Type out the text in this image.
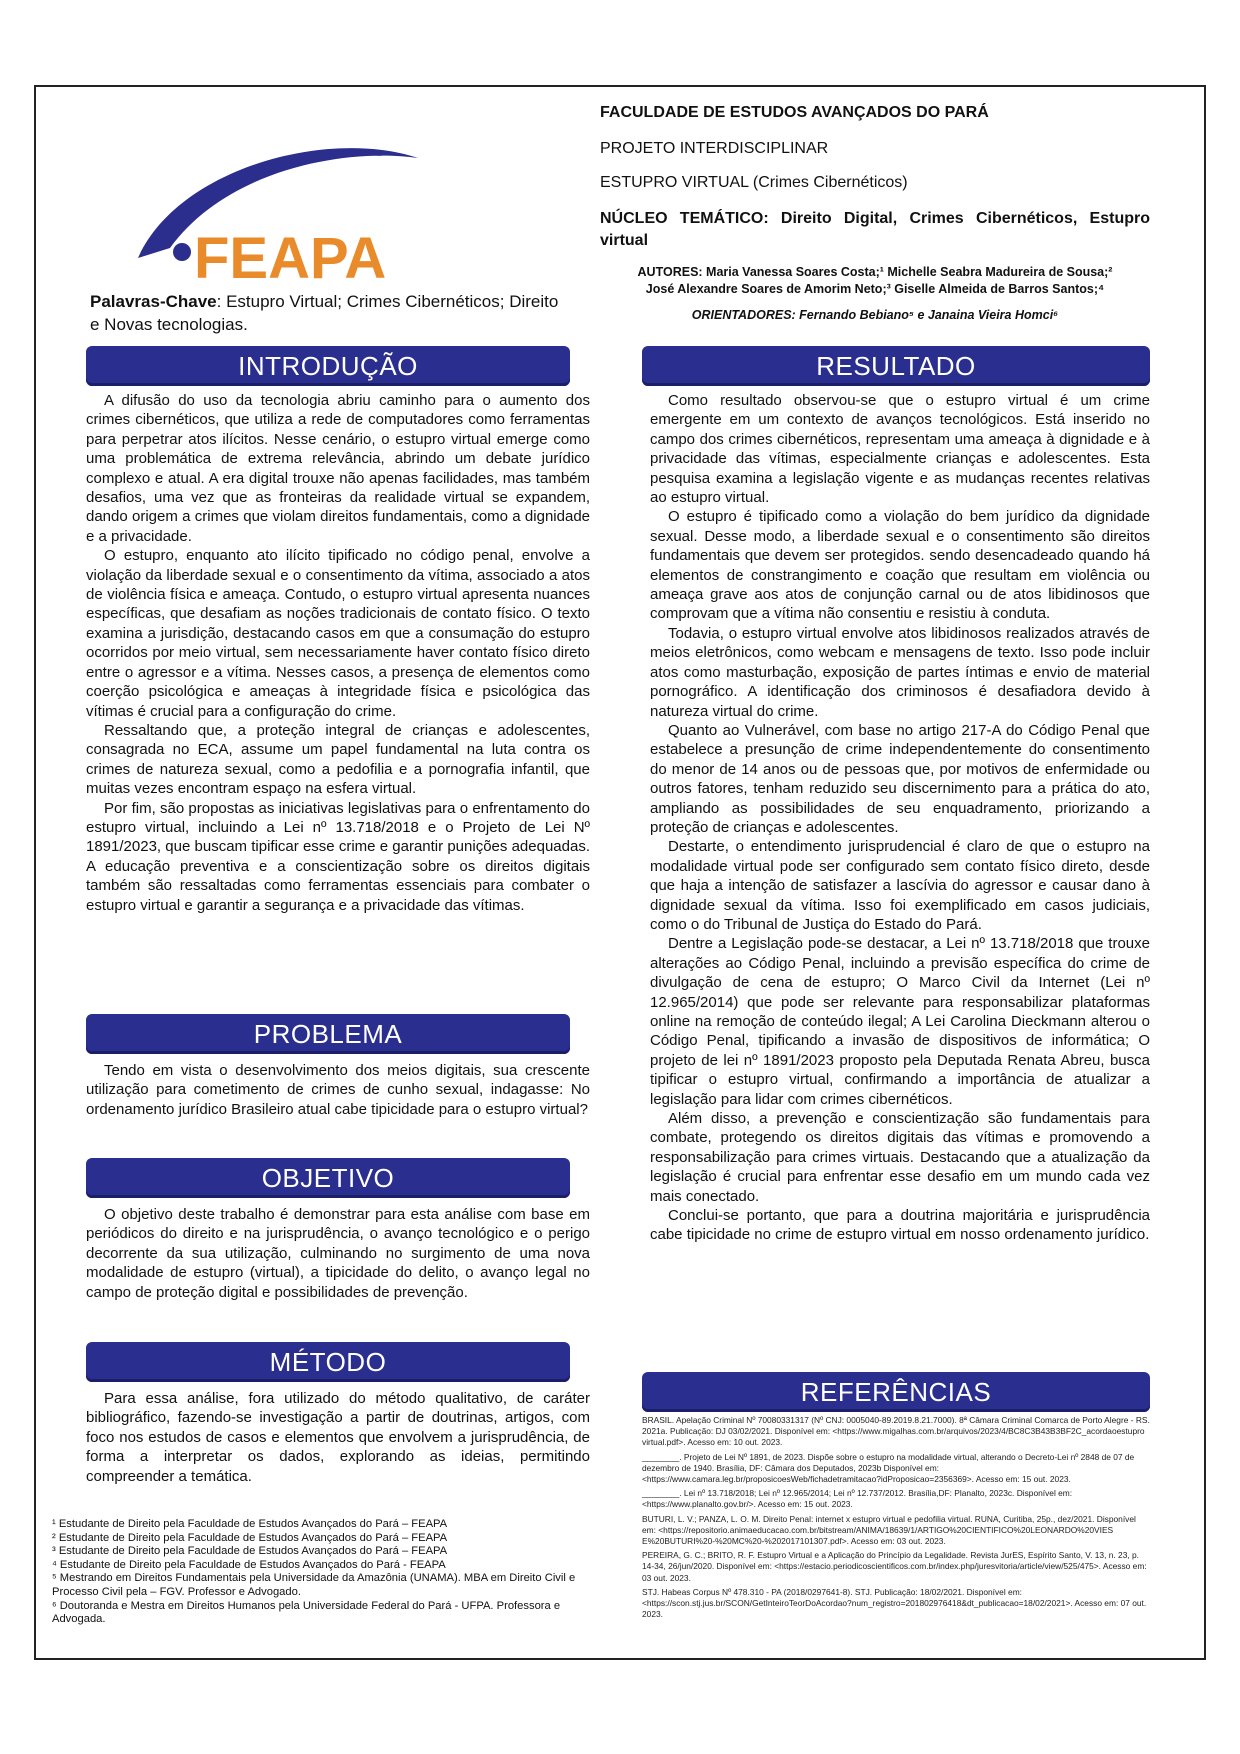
FEAPA
Palavras-Chave: Estupro Virtual; Crimes Cibernéticos; Direito e Novas tecnologias.
FACULDADE DE ESTUDOS AVANÇADOS DO PARÁ
PROJETO INTERDISCIPLINAR
ESTUPRO VIRTUAL (Crimes Cibernéticos)
NÚCLEO TEMÁTICO: Direito Digital, Crimes Cibernéticos, Estupro virtual
AUTORES: Maria Vanessa Soares Costa;¹ Michelle Seabra Madureira de Sousa;²
José Alexandre Soares de Amorim Neto;³ Giselle Almeida de Barros Santos;⁴
ORIENTADORES: Fernando Bebiano⁵ e Janaina Vieira Homci⁶
INTRODUÇÃO

A difusão do uso da tecnologia abriu caminho para o aumento dos crimes cibernéticos, que utiliza a rede de computadores como ferramentas para perpetrar atos ilícitos. Nesse cenário, o estupro virtual emerge como uma problemática de extrema relevância, abrindo um debate jurídico complexo e atual. A era digital trouxe não apenas facilidades, mas também desafios, uma vez que as fronteiras da realidade virtual se expandem, dando origem a crimes que violam direitos fundamentais, como a dignidade e a privacidade.

O estupro, enquanto ato ilícito tipificado no código penal, envolve a violação da liberdade sexual e o consentimento da vítima, associado a atos de violência física e ameaça. Contudo, o estupro virtual apresenta nuances específicas, que desafiam as noções tradicionais de contato físico. O texto examina a jurisdição, destacando casos em que a consumação do estupro ocorridos por meio virtual, sem necessariamente haver contato físico direto entre o agressor e a vítima. Nesses casos, a presença de elementos como coerção psicológica e ameaças à integridade física e psicológica das vítimas é crucial para a configuração do crime.

Ressaltando que, a proteção integral de crianças e adolescentes, consagrada no ECA, assume um papel fundamental na luta contra os crimes de natureza sexual, como a pedofilia e a pornografia infantil, que muitas vezes encontram espaço na esfera virtual.

Por fim, são propostas as iniciativas legislativas para o enfrentamento do estupro virtual, incluindo a Lei nº 13.718/2018 e o Projeto de Lei Nº 1891/2023, que buscam tipificar esse crime e garantir punições adequadas. A educação preventiva e a conscientização sobre os direitos digitais também são ressaltadas como ferramentas essenciais para combater o estupro virtual e garantir a segurança e a privacidade das vítimas.

PROBLEMA

Tendo em vista o desenvolvimento dos meios digitais, sua crescente utilização para cometimento de crimes de cunho sexual, indagasse: No ordenamento jurídico Brasileiro atual cabe tipicidade para o estupro virtual?

OBJETIVO

O objetivo deste trabalho é demonstrar para esta análise com base em periódicos do direito e na jurisprudência, o avanço tecnológico e o perigo decorrente da sua utilização, culminando no surgimento de uma nova modalidade de estupro (virtual), a tipicidade do delito, o avanço legal no campo de proteção digital e possibilidades de prevenção.

MÉTODO

Para essa análise, fora utilizado do método qualitativo, de caráter bibliográfico, fazendo-se investigação a partir de doutrinas, artigos, com foco nos estudos de casos e elementos que envolvem a jurisprudência, de forma a interpretar os dados, explorando as ideias, permitindo compreender a temática.

¹ Estudante de Direito pela Faculdade de Estudos Avançados do Pará – FEAPA

² Estudante de Direito pela Faculdade de Estudos Avançados do Pará – FEAPA

³ Estudante de Direito pela Faculdade de Estudos Avançados do Pará – FEAPA

⁴ Estudante de Direito pela Faculdade de Estudos Avançados do Pará - FEAPA

⁵ Mestrando em Direitos Fundamentais pela Universidade da Amazônia (UNAMA). MBA em Direito Civil e Processo Civil pela – FGV. Professor e Advogado.

⁶ Doutoranda e Mestra em Direitos Humanos pela Universidade Federal do Pará - UFPA. Professora e Advogada.

RESULTADO

Como resultado observou-se que o estupro virtual é um crime emergente em um contexto de avanços tecnológicos. Está inserido no campo dos crimes cibernéticos, representam uma ameaça à dignidade e à privacidade das vítimas, especialmente crianças e adolescentes. Esta pesquisa examina a legislação vigente e as mudanças recentes relativas ao estupro virtual.

O estupro é tipificado como a violação do bem jurídico da dignidade sexual. Desse modo, a liberdade sexual e o consentimento são direitos fundamentais que devem ser protegidos. sendo desencadeado quando há elementos de constrangimento e coação que resultam em violência ou ameaça grave aos atos de conjunção carnal ou de atos libidinosos que comprovam que a vítima não consentiu e resistiu à conduta.

Todavia, o estupro virtual envolve atos libidinosos realizados através de meios eletrônicos, como webcam e mensagens de texto. Isso pode incluir atos como masturbação, exposição de partes íntimas e envio de material pornográfico. A identificação dos criminosos é desafiadora devido à natureza virtual do crime.

Quanto ao Vulnerável, com base no artigo 217-A do Código Penal que estabelece a presunção de crime independentemente do consentimento do menor de 14 anos ou de pessoas que, por motivos de enfermidade ou outros fatores, tenham reduzido seu discernimento para a prática do ato, ampliando as possibilidades de seu enquadramento, priorizando a proteção de crianças e adolescentes.

Destarte, o entendimento jurisprudencial é claro de que o estupro na modalidade virtual pode ser configurado sem contato físico direto, desde que haja a intenção de satisfazer a lascívia do agressor e causar dano à dignidade sexual da vítima. Isso foi exemplificado em casos judiciais, como o do Tribunal de Justiça do Estado do Pará.

Dentre a Legislação pode-se destacar, a Lei nº 13.718/2018 que trouxe alterações ao Código Penal, incluindo a previsão específica do crime de divulgação de cena de estupro; O Marco Civil da Internet (Lei nº 12.965/2014) que pode ser relevante para responsabilizar plataformas online na remoção de conteúdo ilegal; A Lei Carolina Dieckmann alterou o Código Penal, tipificando a invasão de dispositivos de informática; O projeto de lei nº 1891/2023 proposto pela Deputada Renata Abreu, busca tipificar o estupro virtual, confirmando a importância de atualizar a legislação para lidar com crimes cibernéticos.

Além disso, a prevenção e conscientização são fundamentais para combate, protegendo os direitos digitais das vítimas e promovendo a responsabilização para crimes virtuais. Destacando que a atualização da legislação é crucial para enfrentar esse desafio em um mundo cada vez mais conectado.

Conclui-se portanto, que para a doutrina majoritária e jurisprudência cabe tipicidade no crime de estupro virtual em nosso ordenamento jurídico.

REFERÊNCIAS

BRASIL. Apelação Criminal Nº 70080331317 (Nº CNJ: 0005040-89.2019.8.21.7000). 8ª Câmara Criminal Comarca de Porto Alegre - RS. 2021a. Publicação: DJ 03/02/2021. Disponível em: <https://www.migalhas.com.br/arquivos/2023/4/BC8C3B43B3BF2C_acordaoestupro virtual.pdf>. Acesso em: 10 out. 2023.

________. Projeto de Lei Nº 1891, de 2023. Dispõe sobre o estupro na modalidade virtual, alterando o Decreto-Lei nº 2848 de 07 de dezembro de 1940. Brasília, DF: Câmara dos Deputados, 2023b Disponível em: <https://www.camara.leg.br/proposicoesWeb/fichadetramitacao?idProposicao=2356369>. Acesso em: 15 out. 2023.

________. Lei nº 13.718/2018; Lei nº 12.965/2014; Lei nº 12.737/2012. Brasília,DF: Planalto, 2023c. Disponível em: <https://www.planalto.gov.br/>. Acesso em: 15 out. 2023.

BUTURI, L. V.; PANZA, L. O. M. Direito Penal: internet x estupro virtual e pedofilia virtual. RUNA, Curitiba, 25p., dez/2021. Disponível em: <https://repositorio.animaeducacao.com.br/bitstream/ANIMA/18639/1/ARTIGO%20CIENTIFICO%20LEONARDO%20VIES E%20BUTURI%20-%20MC%20-%202017101307.pdf>. Acesso em: 03 out. 2023.

PEREIRA, G. C.; BRITO, R. F. Estupro Virtual e a Aplicação do Princípio da Legalidade. Revista JurES, Espírito Santo, V. 13, n. 23, p. 14-34, 26/jun/2020. Disponível em: <https://estacio.periodicoscientificos.com.br/index.php/juresvitoria/article/view/525/475>. Acesso em: 03 out. 2023.

STJ. Habeas Corpus Nº 478.310 - PA (2018/0297641-8). STJ. Publicação: 18/02/2021. Disponível em: <https://scon.stj.jus.br/SCON/GetInteiroTeorDoAcordao?num_registro=201802976418&dt_publicacao=18/02/2021>. Acesso em: 07 out. 2023.
